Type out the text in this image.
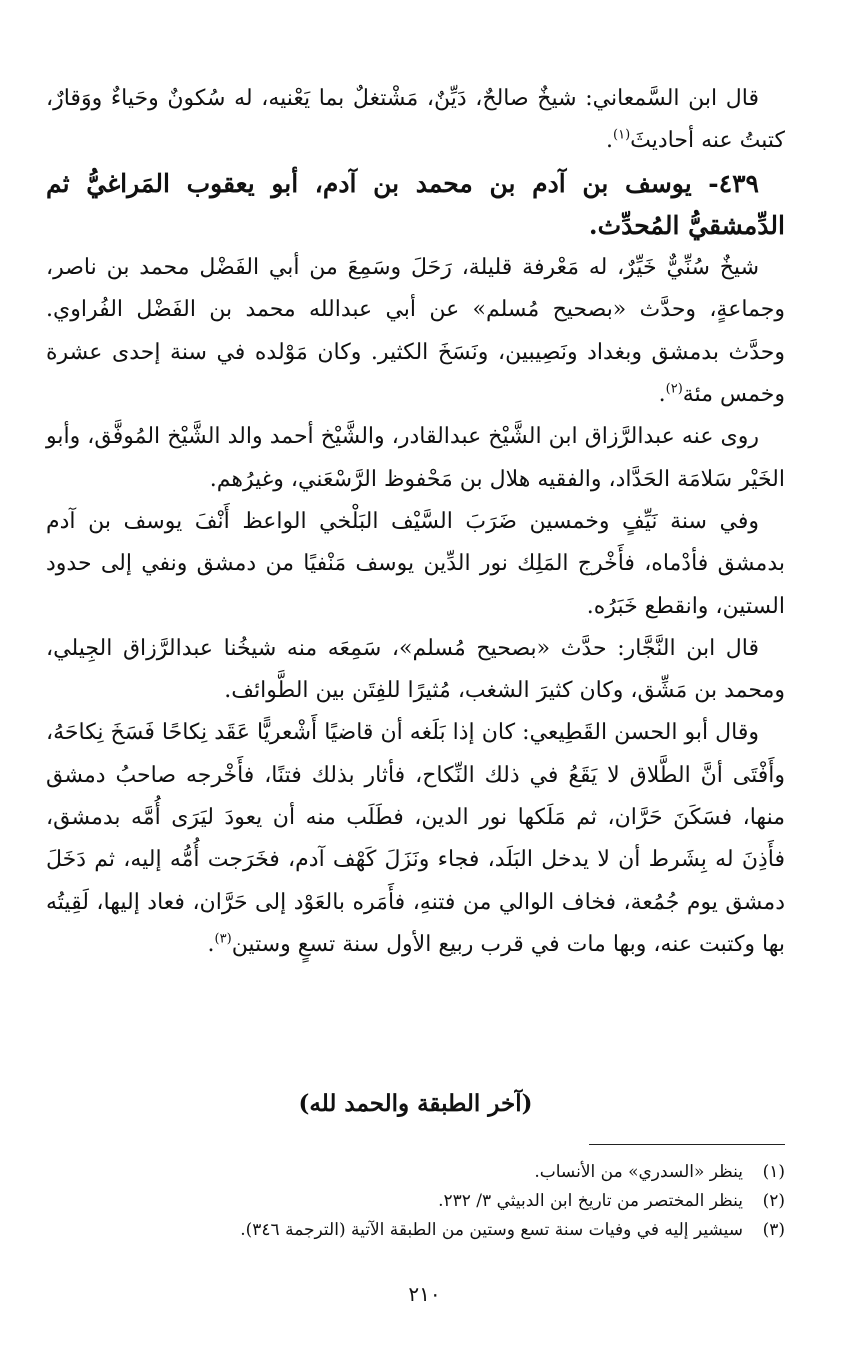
قال ابن السَّمعاني: شيخٌ صالحٌ، دَيِّنٌ، مَشْتغلٌ بما يَعْنيه، له سُكونٌ وحَياءٌ ووَقارٌ، كتبتُ عنه أحاديثَ$^{(١)}$.

٤٣٩- يوسف بن آدم بن محمد بن آدم، أبو يعقوب المَراغيُّ ثم الدِّمشقيُّ المُحدِّث.

شيخٌ سُنِّيٌّ خَيِّرٌ، له مَعْرفة قليلة، رَحَلَ وسَمِعَ من أبي الفَضْل محمد بن ناصر، وجماعةٍ، وحدَّث «بصحيح مُسلم» عن أبي عبدالله محمد بن الفَضْل الفُراوي. وحدَّث بدمشق وبغداد ونَصِيبين، ونَسَخَ الكثير. وكان مَوْلده في سنة إحدى عشرة وخمس مئة$^{(٢)}$.

روى عنه عبدالرَّزاق ابن الشَّيْخ عبدالقادر، والشَّيْخ أحمد والد الشَّيْخ المُوفَّق، وأبو الخَيْر سَلامَة الحَدَّاد، والفقيه هلال بن مَحْفوظ الرَّسْعَني، وغيرُهم.

وفي سنة نَيِّفٍ وخمسين ضَرَبَ السَّيْف البَلْخي الواعظ أَنْفَ يوسف بن آدم بدمشق فأدْماه، فأَخْرج المَلِك نور الدِّين يوسف مَنْفيًا من دمشق ونفي إلى حدود الستين، وانقطع خَبَرُه.

قال ابن النَّجَّار: حدَّث «بصحيح مُسلم»، سَمِعَه منه شيخُنا عبدالرَّزاق الجِيلي، ومحمد بن مَشِّق، وكان كثيرَ الشغب، مُثيرًا للفِتَن بين الطَّوائف.

وقال أبو الحسن القَطِيعي: كان إذا بَلَغه أن قاضيًا أَشْعريًّا عَقَد نِكاحًا فَسَخَ نِكاحَهُ، وأَفْتَى أنَّ الطَّلاق لا يَقَعُ في ذلك النِّكاح، فأثار بذلك فتنًا، فأَخْرجه صاحبُ دمشق منها، فسَكَنَ حَرَّان، ثم مَلَكها نور الدين، فطَلَب منه أن يعودَ ليَرَى أُمَّه بدمشق، فأَذِنَ له بِشَرط أن لا يدخل البَلَد، فجاء ونَزَلَ كَهْف آدم، فخَرَجت أُمُّه إليه، ثم دَخَلَ دمشق يوم جُمُعة، فخاف الوالي من فتنهِ، فأَمَره بالعَوْد إلى حَرَّان، فعاد إليها، لَقِيتُه بها وكتبت عنه، وبها مات في قرب ربيع الأول سنة تسعٍ وستين$^{(٣)}$.

(آخر الطبقة والحمد لله)
(١)
ينظر «السدري» من الأنساب.
(٢)
ينظر المختصر من تاريخ ابن الدبيثي ٣/ ٢٣٢.
(٣)
سيشير إليه في وفيات سنة تسع وستين من الطبقة الآتية (الترجمة ٣٤٦).
٢١٠
